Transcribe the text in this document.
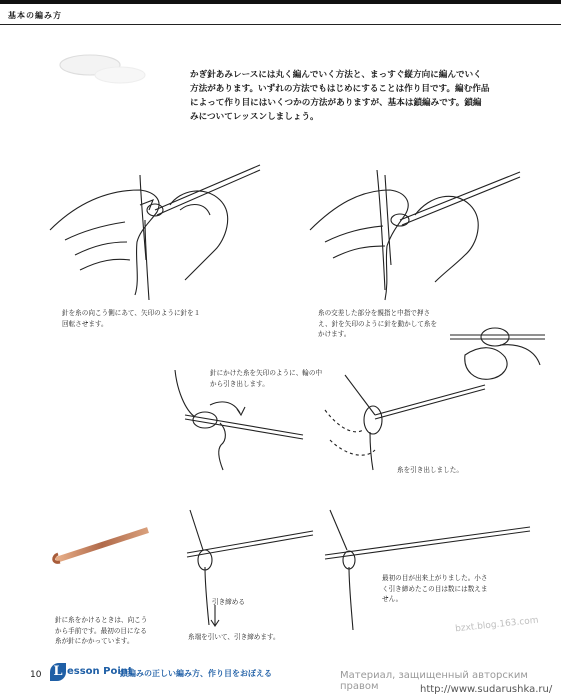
基本の編み方
かぎ針あみレースには丸く編んでいく方法と、まっすぐ縦方向に編んでいく方法があります。いずれの方法でもはじめにすることは作り目です。編む作品によって作り目にはいくつかの方法がありますが、基本は鎖編みです。鎖編みについてレッスンしましょう。
針を糸の向こう側にあて、矢印のように針を１回転させます。
糸の交差した部分を親指と中指で押さえ、針を矢印のように針を動かして糸をかけます。
針にかけた糸を矢印のように、輪の中から引き出します。
糸を引き出しました。
針に糸をかけるときは、向こうから手前です。最初の目になる糸が針にかかっています。
引き締める
糸端を引いて、引き締めます。
最初の目が出来上がりました。小さく引き締めたこの目は数には数えません。
10 L esson Point
鎖編みの正しい編み方、作り目をおぼえる	Материал, защищенный авторским правом
bzxt.blog.163.com
http://www.sudarushka.ru/
